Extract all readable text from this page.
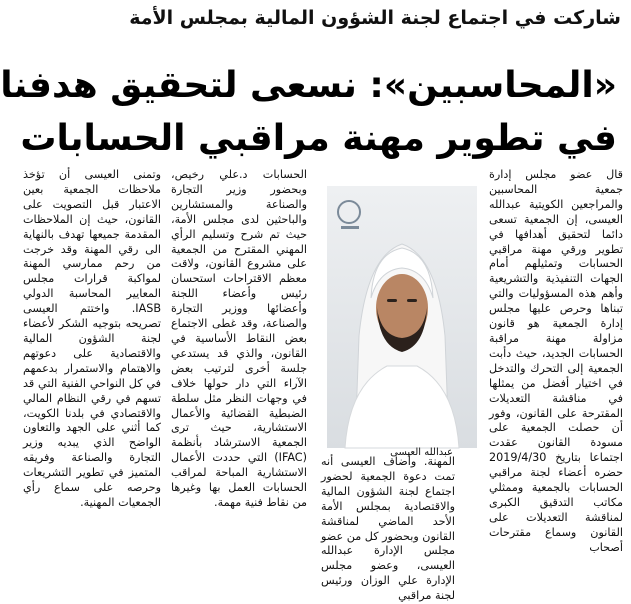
شاركت في اجتماع لجنة الشؤون المالية بمجلس الأمة
«المحاسبين»: نسعى لتحقيق هدفنا
في تطوير مهنة مراقبي الحسابات

قال عضو مجلس إدارة جمعية المحاسبين والمراجعين الكويتية عبدالله العيسى، إن الجمعية تسعى دائما لتحقيق أهدافها في تطوير ورقي مهنة مراقبي الحسابات وتمثيلهم أمام الجهات التنفيذية والتشريعية وأهم هذه المسؤوليات والتي تبناها وحرص عليها مجلس إدارة الجمعية هو قانون مزاولة مهنة مراقبة الحسابات الجديد، حيث دأبت الجمعية إلى التحرك والتدخل في اختيار أفضل من يمثلها في مناقشة التعديلات المقترحة على القانون، وفور أن حصلت الجمعية على مسودة القانون عقدت اجتماعا بتاريخ 2019/4/30 حضره أعضاء لجنة مراقبي الحسابات بالجمعية وممثلي مكاتب التدقيق الكبرى لمناقشة التعديلات على القانون وسماع مقترحات أصحاب

المهنة. وأضاف العيسى أنه تمت دعوة الجمعية لحضور اجتماع لجنة الشؤون المالية والاقتصادية بمجلس الأمة الأحد الماضي لمناقشة القانون وبحضور كل من عضو مجلس الإدارة عبدالله العيسى، وعضو مجلس الإدارة علي الوزان ورئيس لجنة مراقبي

عبدالله العيسى

الحسابات د.علي رخيص، وبحضور وزير التجارة والصناعة والمستشارين والباحثين لدى مجلس الأمة، حيث تم شرح وتسليم الرأي المهني المقترح من الجمعية على مشروع القانون، ولاقت معظم الاقتراحات استحسان رئيس وأعضاء اللجنة وأعضائها ووزير التجارة والصناعة، وقد غطى الاجتماع بعض النقاط الأساسية في القانون، والذي قد يستدعي جلسة أخرى لترتيب بعض الآراء التي دار حولها خلاف في وجهات النظر مثل سلطة الضبطية القضائية والأعمال الاستشارية، حيث ترى الجمعية الاسترشاد بأنظمة (IFAC) التي حددت الأعمال الاستشارية المباحة لمراقب الحسابات العمل بها وغيرها من نقاط فنية مهمة.

وتمنى العيسى أن تؤخذ ملاحظات الجمعية بعين الاعتبار قبل التصويت على القانون، حيث إن الملاحظات المقدمة جميعها تهدف بالنهاية الى رقي المهنة وقد خرجت من رحم ممارسي المهنة لمواكبة قرارات مجلس المعايير المحاسبة الدولي IASB. واختتم العيسى تصريحه بتوجيه الشكر لأعضاء لجنة الشؤون المالية والاقتصادية على دعوتهم والاهتمام والاستمرار بدعمهم في كل النواحي الفنية التي قد تسهم في رقي النظام المالي والاقتصادي في بلدنا الكويت، كما أثني على الجهد والتعاون الواضح الذي يبديه وزير التجارة والصناعة وفريقه المتميز في تطوير التشريعات وحرصه على سماع رأي الجمعيات المهنية.
